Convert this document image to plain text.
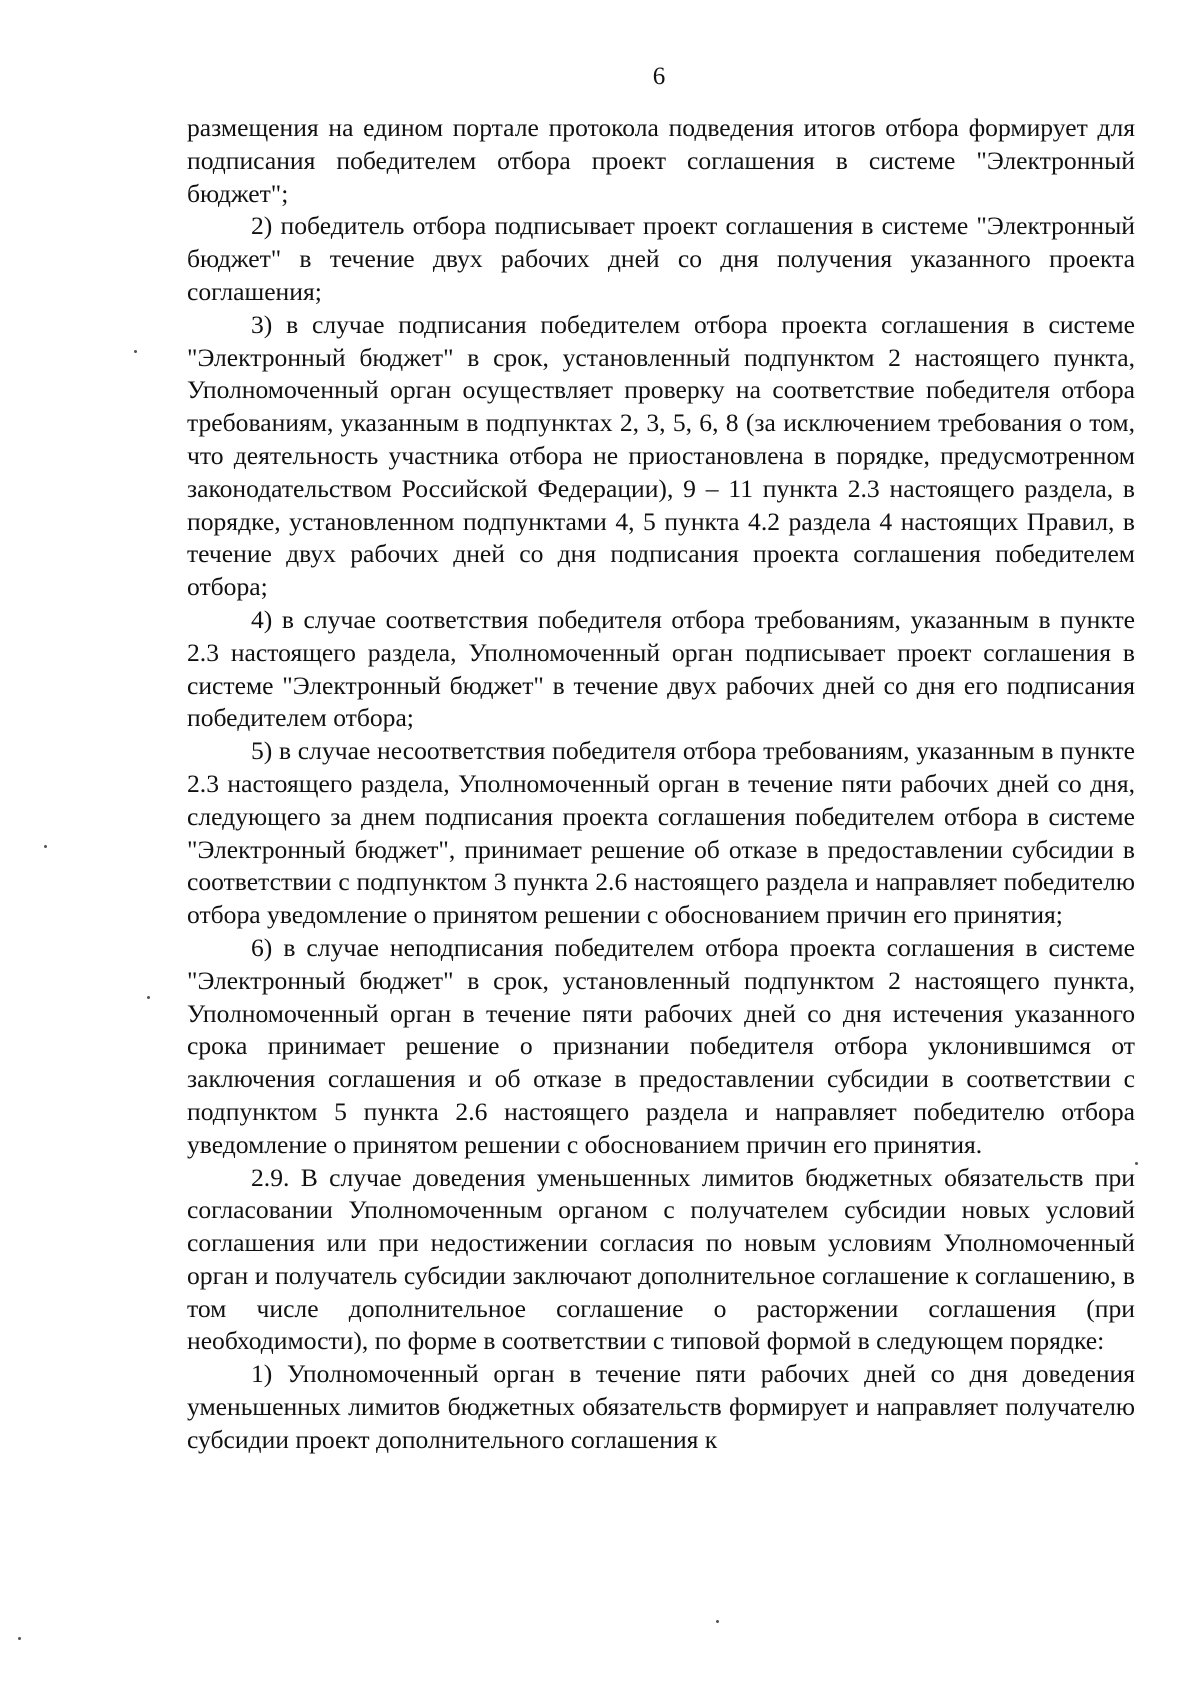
6

размещения на едином портале протокола подведения итогов отбора формирует для подписания победителем отбора проект соглашения в системе "Электронный бюджет";

2) победитель отбора подписывает проект соглашения в системе "Электронный бюджет" в течение двух рабочих дней со дня получения указанного проекта соглашения;

3) в случае подписания победителем отбора проекта соглашения в системе "Электронный бюджет" в срок, установленный подпунктом 2 настоящего пункта, Уполномоченный орган осуществляет проверку на соответствие победителя отбора требованиям, указанным в подпунктах 2, 3, 5, 6, 8 (за исключением требования о том, что деятельность участника отбора не приостановлена в порядке, предусмотренном законодательством Российской Федерации), 9 – 11 пункта 2.3 настоящего раздела, в порядке, установленном подпунктами 4, 5 пункта 4.2 раздела 4 настоящих Правил, в течение двух рабочих дней со дня подписания проекта соглашения победителем отбора;

4) в случае соответствия победителя отбора требованиям, указанным в пункте 2.3 настоящего раздела, Уполномоченный орган подписывает проект соглашения в системе "Электронный бюджет" в течение двух рабочих дней со дня его подписания победителем отбора;

5) в случае несоответствия победителя отбора требованиям, указанным в пункте 2.3 настоящего раздела, Уполномоченный орган в течение пяти рабочих дней со дня, следующего за днем подписания проекта соглашения победителем отбора в системе "Электронный бюджет", принимает решение об отказе в предоставлении субсидии в соответствии с подпунктом 3 пункта 2.6 настоящего раздела и направляет победителю отбора уведомление о принятом решении с обоснованием причин его принятия;

6) в случае неподписания победителем отбора проекта соглашения в системе "Электронный бюджет" в срок, установленный подпунктом 2 настоящего пункта, Уполномоченный орган в течение пяти рабочих дней со дня истечения указанного срока принимает решение о признании победителя отбора уклонившимся от заключения соглашения и об отказе в предоставлении субсидии в соответствии с подпунктом 5 пункта 2.6 настоящего раздела и направляет победителю отбора уведомление о принятом решении с обоснованием причин его принятия.

2.9. В случае доведения уменьшенных лимитов бюджетных обязательств при согласовании Уполномоченным органом с получателем субсидии новых условий соглашения или при недостижении согласия по новым условиям Уполномоченный орган и получатель субсидии заключают дополнительное соглашение к соглашению, в том числе дополнительное соглашение о расторжении соглашения (при необходимости), по форме в соответствии с типовой формой в следующем порядке:

1) Уполномоченный орган в течение пяти рабочих дней со дня доведения уменьшенных лимитов бюджетных обязательств формирует и направляет получателю субсидии проект дополнительного соглашения к
